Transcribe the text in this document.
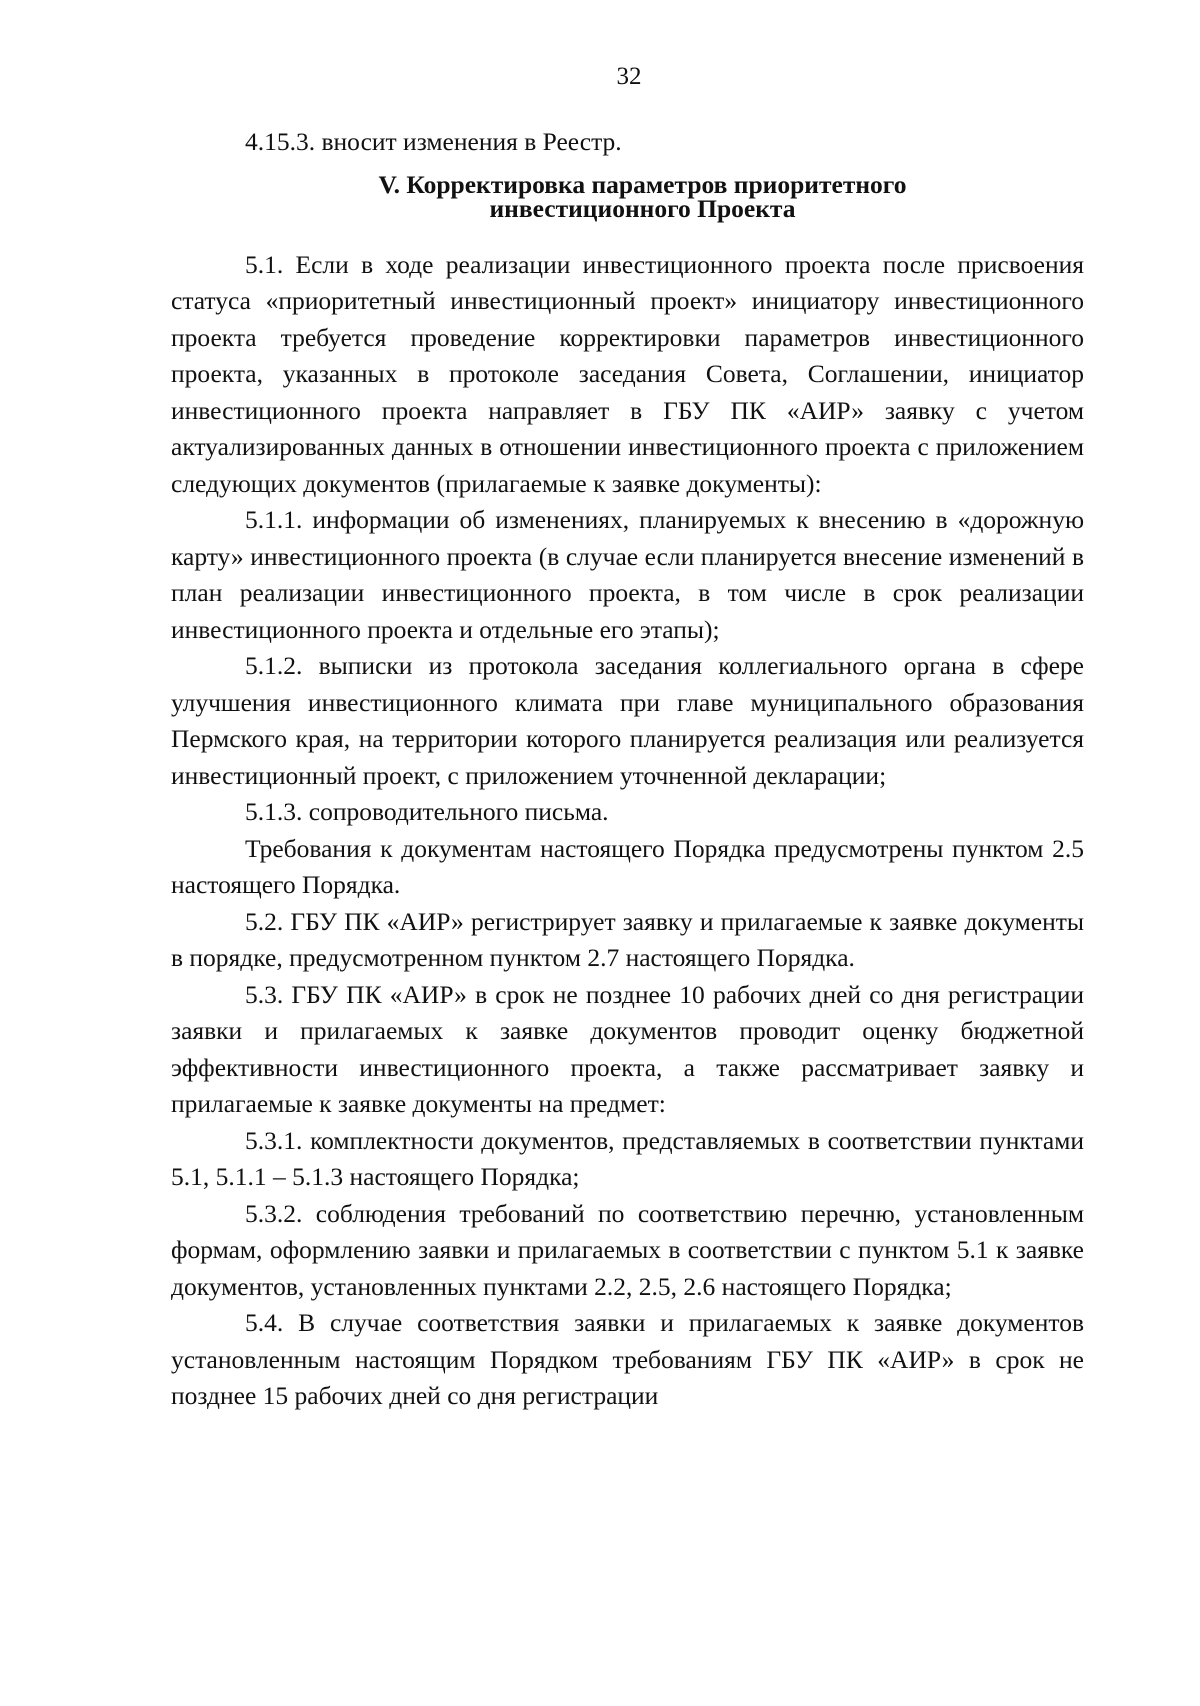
32

4.15.3. вносит изменения в Реестр.

V. Корректировка параметров приоритетного
инвестиционного Проекта

5.1. Если в ходе реализации инвестиционного проекта после присвоения статуса «приоритетный инвестиционный проект» инициатору инвестиционного проекта требуется проведение корректировки параметров инвестиционного проекта, указанных в протоколе заседания Совета, Соглашении, инициатор инвестиционного проекта направляет в ГБУ ПК «АИР» заявку с учетом актуализированных данных в отношении инвестиционного проекта с приложением следующих документов (прилагаемые к заявке документы):

5.1.1. информации об изменениях, планируемых к внесению в «дорожную карту» инвестиционного проекта (в случае если планируется внесение изменений в план реализации инвестиционного проекта, в том числе в срок реализации инвестиционного проекта и отдельные его этапы);

5.1.2. выписки из протокола заседания коллегиального органа в сфере улучшения инвестиционного климата при главе муниципального образования Пермского края, на территории которого планируется реализация или реализуется инвестиционный проект, с приложением уточненной декларации;

5.1.3. сопроводительного письма.

Требования к документам настоящего Порядка предусмотрены пунктом 2.5 настоящего Порядка.

5.2. ГБУ ПК «АИР» регистрирует заявку и прилагаемые к заявке документы в порядке, предусмотренном пунктом 2.7 настоящего Порядка.

5.3. ГБУ ПК «АИР» в срок не позднее 10 рабочих дней со дня регистрации заявки и прилагаемых к заявке документов проводит оценку бюджетной эффективности инвестиционного проекта, а также рассматривает заявку и прилагаемые к заявке документы на предмет:

5.3.1. комплектности документов, представляемых в соответствии пунктами 5.1, 5.1.1 – 5.1.3 настоящего Порядка;

5.3.2. соблюдения требований по соответствию перечню, установленным формам, оформлению заявки и прилагаемых в соответствии с пунктом 5.1 к заявке документов, установленных пунктами 2.2, 2.5, 2.6 настоящего Порядка;

5.4. В случае соответствия заявки и прилагаемых к заявке документов установленным настоящим Порядком требованиям ГБУ ПК «АИР» в срок не позднее 15 рабочих дней со дня регистрации
